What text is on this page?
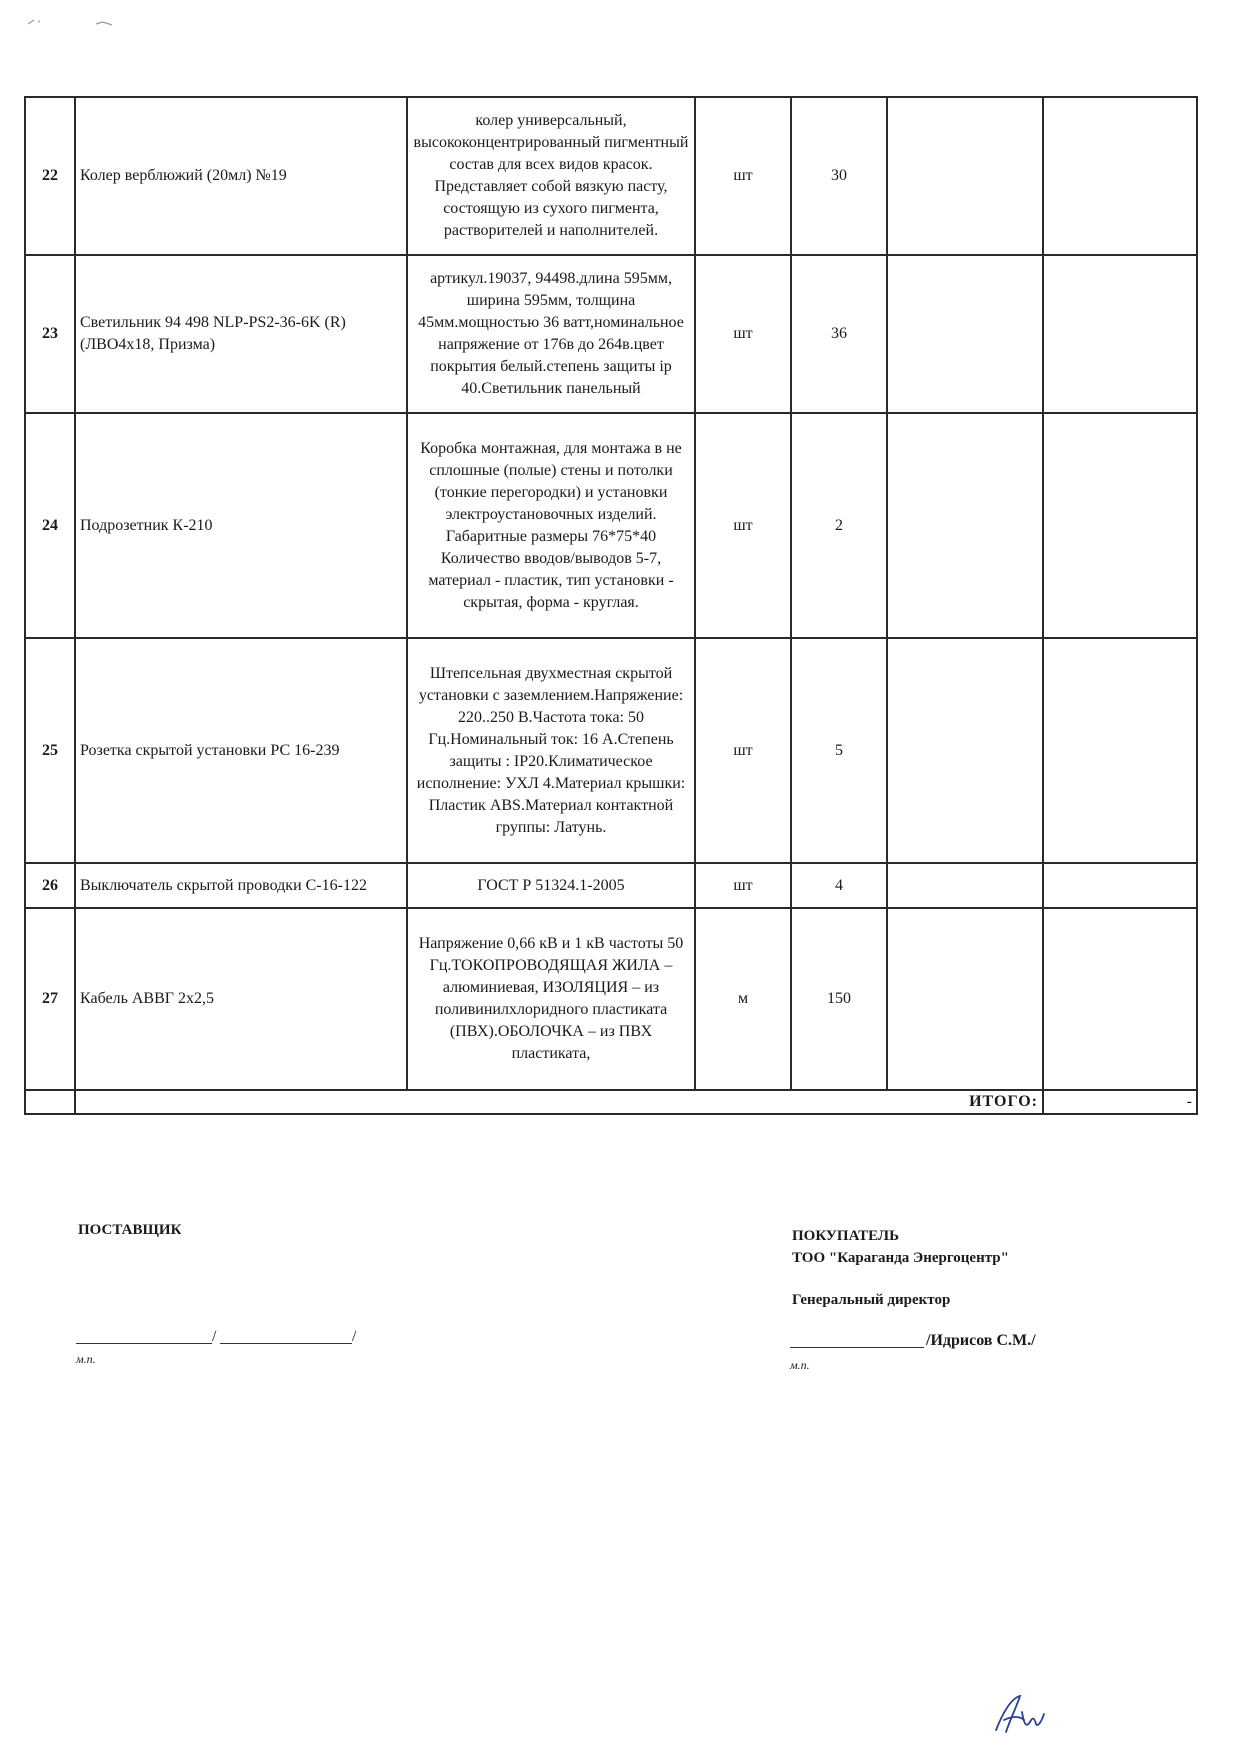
22	Колер верблюжий (20мл) №19	колер универсальный, высококонцентрированный пигментный состав для всех видов красок. Представляет собой вязкую пасту, состоящую из сухого пигмента, растворителей и наполнителей.	шт	30		
23	Светильник 94 498 NLP-PS2-36-6K (R)(ЛВО4х18, Призма)	артикул.19037, 94498.длина 595мм, ширина 595мм, толщина 45мм.мощностью 36 ватт,номинальное напряжение от 176в до 264в.цвет покрытия белый.степень защиты ip 40.Светильник панельный	шт	36		
24	Подрозетник К-210	Коробка монтажная, для монтажа в не сплошные (полые) стены и потолки (тонкие перегородки) и установки электроустановочных изделий. Габаритные размеры 76*75*40 Количество вводов/выводов 5-7, материал - пластик, тип установки - скрытая, форма - круглая.	шт	2		
25	Розетка скрытой установки РС 16-239	Штепсельная двухместная скрытой установки с заземлением.Напряжение: 220..250 В.Частота тока: 50 Гц.Номинальный ток: 16 А.Степень защиты : IP20.Климатическое исполнение: УХЛ 4.Материал крышки: Пластик ABS.Материал контактной группы: Латунь.	шт	5		
26	Выключатель скрытой проводки С-16-122	ГОСТ Р 51324.1-2005	шт	4		
27	Кабель АВВГ 2х2,5	Напряжение 0,66 кВ и 1 кВ частоты 50 Гц.ТОКОПРОВОДЯЩАЯ ЖИЛА – алюминиевая, ИЗОЛЯЦИЯ – из поливинилхлоридного пластиката (ПВХ).ОБОЛОЧКА – из ПВХ пластиката,	м	150		
	ИТОГО:					-
ПОСТАВЩИК
/	/
м.п.
ПОКУПАТЕЛЬ
ТОО "Караганда Энергоцентр"
Генеральный директор
/Идрисов С.М./
м.п.
